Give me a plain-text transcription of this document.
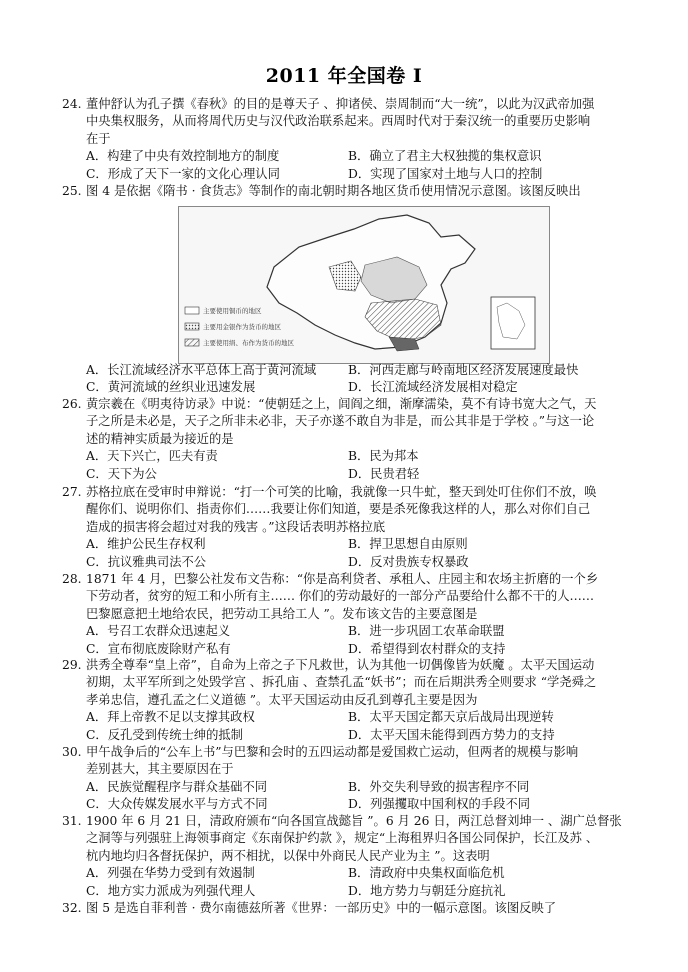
2011 年全国卷 I
24. 董仲舒认为孔子撰《春秋》的目的是尊天子 、抑诸侯、崇周制而“大一统”，以此为汉武帝加强
中央集权服务，从而将周代历史与汉代政治联系起来。西周时代对于秦汉统一的重要历史影响
在于
A．构建了中央有效控制地方的制度	B．确立了君主大权独揽的集权意识
C．形成了天下一家的文化心理认同	D．实现了国家对土地与人口的控制
25. 图 4 是依据《隋书 · 食货志》等制作的南北朝时期各地区货币使用情况示意图。该图反映出
主要使用铜币的地区
主要用金银作为货币的地区
主要使用绢、布作为货币的地区
A．长江流域经济水平总体上高于黄河流域	B．河西走廊与岭南地区经济发展速度最快
C．黄河流域的丝织业迅速发展	D．长江流域经济发展相对稳定
26. 黄宗羲在《明夷待访录》中说：“使朝廷之上，闾阎之细，渐摩濡染，莫不有诗书宽大之气，天
子之所是未必是，天子之所非未必非，天子亦遂不敢自为非是，而公其非是于学校 。”与这一论
述的精神实质最为接近的是
A．天下兴亡，匹夫有责	B．民为邦本
C．天下为公	D．民贵君轻
27. 苏格拉底在受审时申辩说：“打一个可笑的比喻，我就像一只牛虻，整天到处叮住你们不放，唤
醒你们、说明你们、指责你们……我要让你们知道，要是杀死像我这样的人，那么对你们自己
造成的损害将会超过对我的残害 。”这段话表明苏格拉底
A．维护公民生存权利	B．捍卫思想自由原则
C．抗议雅典司法不公	D．反对贵族专权暴政
28. 1871 年 4 月，巴黎公社发布文告称：“你是高利贷者、承租人、庄园主和农场主折磨的一个乡
下劳动者，贫穷的短工和小所有主…… 你们的劳动最好的一部分产品要给什么都不干的人……
巴黎愿意把土地给农民，把劳动工具给工人 ”。发布该文告的主要意图是
A．号召工农群众迅速起义	B．进一步巩固工农革命联盟
C．宣布彻底废除财产私有	D．希望得到农村群众的支持
29. 洪秀全尊奉“皇上帝”，自命为上帝之子下凡救世，认为其他一切偶像皆为妖魔 。太平天国运动
初期，太平军所到之处毁学宫 、拆孔庙 、查禁孔孟“妖书”；而在后期洪秀全则要求 “学尧舜之
孝弟忠信，遵孔孟之仁义道德 ”。太平天国运动由反孔到尊孔主要是因为
A．拜上帝教不足以支撑其政权	B．太平天国定都天京后战局出现逆转
C．反孔受到传统士绅的抵制	D．太平天国未能得到西方势力的支持
30. 甲午战争后的“公车上书”与巴黎和会时的五四运动都是爱国救亡运动，但两者的规模与影响
差别甚大，其主要原因在于
A．民族觉醒程序与群众基础不同	B．外交失利导致的损害程序不同
C．大众传媒发展水平与方式不同	D．列强攫取中国利权的手段不同
31. 1900 年 6 月 21 日，清政府颁布“向各国宣战懿旨 ”。6 月 26 日，两江总督刘坤一 、湖广总督张
之洞等与列强驻上海领事商定《东南保护约款 》，规定“上海租界归各国公同保护，长江及苏 、
杭内地均归各督抚保护，两不相扰，以保中外商民人民产业为主 ”。这表明
A．列强在华势力受到有效遏制	B．清政府中央集权面临危机
C．地方实力派成为列强代理人	D．地方势力与朝廷分庭抗礼
32. 图 5 是选自菲利普 · 费尔南德兹所著《世界：一部历史》中的一幅示意图。该图反映了
